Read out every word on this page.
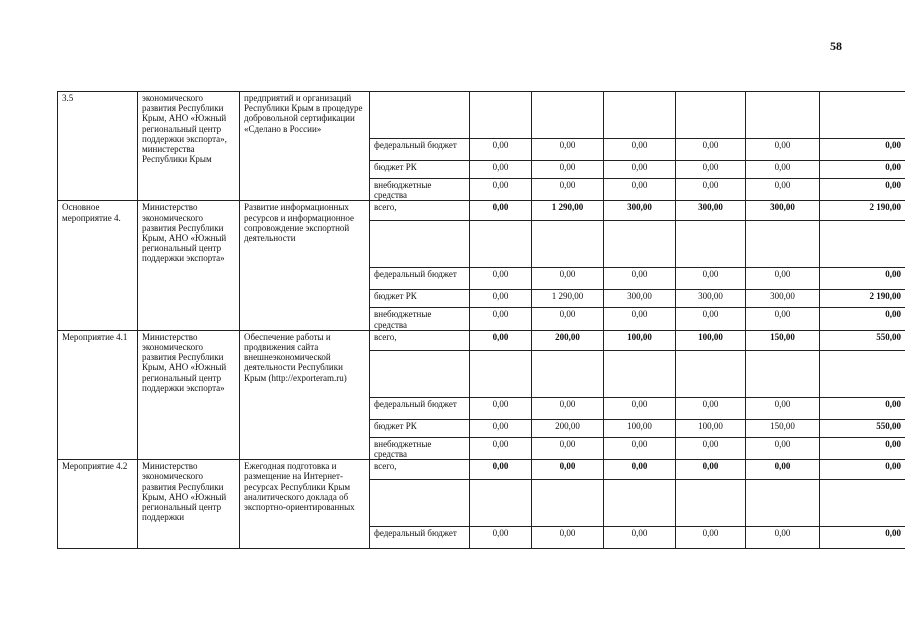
58
3.5	экономического развития Республики Крым, АНО «Южный региональный центр поддержки экспорта», министерства Республики Крым	предприятий и организаций Республики Крым в процедуре добровольной сертификации «Сделано в России»							
			федеральный бюджет	0,00	0,00	0,00	0,00	0,00	0,00
			бюджет РК	0,00	0,00	0,00	0,00	0,00	0,00
			внебюджетные средства	0,00	0,00	0,00	0,00	0,00	0,00
Основное мероприятие 4.	Министерство экономического развития Республики Крым, АНО «Южный региональный центр поддержки экспорта»	Развитие информационных ресурсов и информационное сопровождение экспортной деятельности	всего,	0,00	1 290,00	300,00	300,00	300,00	2 190,00

			федеральный бюджет	0,00	0,00	0,00	0,00	0,00	0,00
			бюджет РК	0,00	1 290,00	300,00	300,00	300,00	2 190,00
			внебюджетные средства	0,00	0,00	0,00	0,00	0,00	0,00
Мероприятие 4.1	Министерство экономического развития Республики Крым, АНО «Южный региональный центр поддержки экспорта»	Обеспечение работы и продвижения сайта внешнеэкономической деятельности Республики Крым (http://exporteram.ru)	всего,	0,00	200,00	100,00	100,00	150,00	550,00

			федеральный бюджет	0,00	0,00	0,00	0,00	0,00	0,00
			бюджет РК	0,00	200,00	100,00	100,00	150,00	550,00
			внебюджетные средства	0,00	0,00	0,00	0,00	0,00	0,00
Мероприятие 4.2	Министерство экономического развития Республики Крым, АНО «Южный региональный центр поддержки	Ежегодная подготовка и размещение на Интернет-ресурсах Республики Крым аналитического доклада об экспортно-ориентированных	всего,	0,00	0,00	0,00	0,00	0,00	0,00

			федеральный бюджет	0,00	0,00	0,00	0,00	0,00	0,00
